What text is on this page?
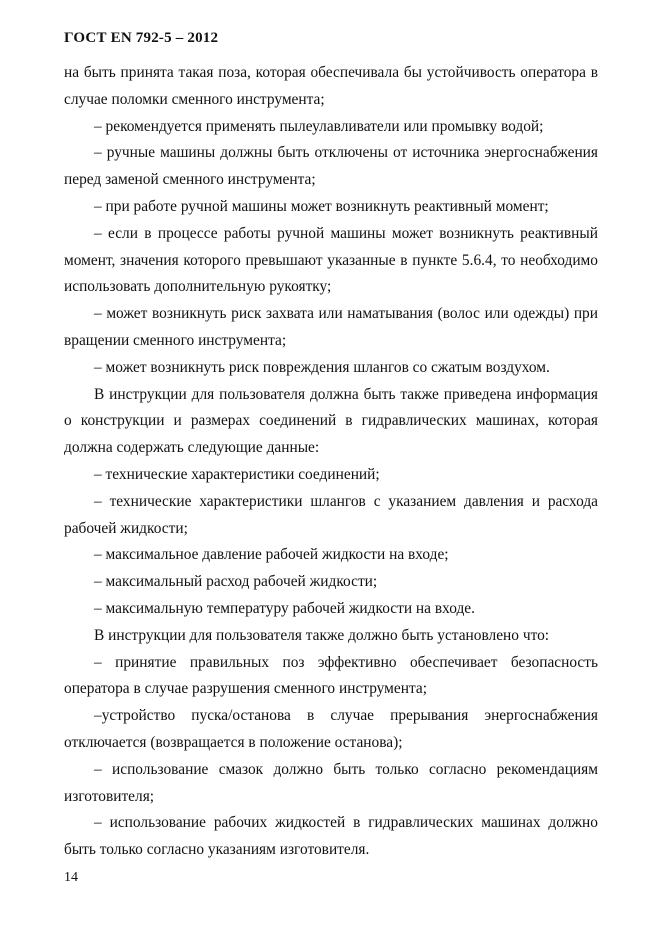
ГОСТ EN 792-5 – 2012

на быть принята такая поза, которая обеспечивала бы устойчивость оператора в случае поломки сменного инструмента;

– рекомендуется применять пылеулавливатели или промывку водой;

– ручные машины должны быть отключены от источника энергоснабжения перед заменой сменного инструмента;

– при работе ручной машины может возникнуть реактивный момент;

– если в процессе работы ручной машины может возникнуть реактивный момент, значения которого превышают указанные в пункте 5.6.4, то необходимо использовать дополнительную рукоятку;

– может возникнуть риск захвата или наматывания (волос или одежды) при вращении сменного инструмента;

– может возникнуть риск повреждения шлангов со сжатым воздухом.

В инструкции для пользователя должна быть также приведена информация о конструкции и размерах соединений в гидравлических машинах, которая должна содержать следующие данные:

– технические характеристики соединений;

– технические характеристики шлангов с указанием давления и расхода рабочей жидкости;

– максимальное давление рабочей жидкости на входе;

– максимальный расход рабочей жидкости;

– максимальную температуру рабочей жидкости на входе.

В инструкции для пользователя также должно быть установлено что:

– принятие правильных поз эффективно обеспечивает безопасность оператора в случае разрушения сменного инструмента;

–устройство пуска/останова в случае прерывания энергоснабжения отключается (возвращается в положение останова);

– использование смазок должно быть только согласно рекомендациям изготовителя;

– использование рабочих жидкостей в гидравлических машинах должно быть только согласно указаниям изготовителя.

14
